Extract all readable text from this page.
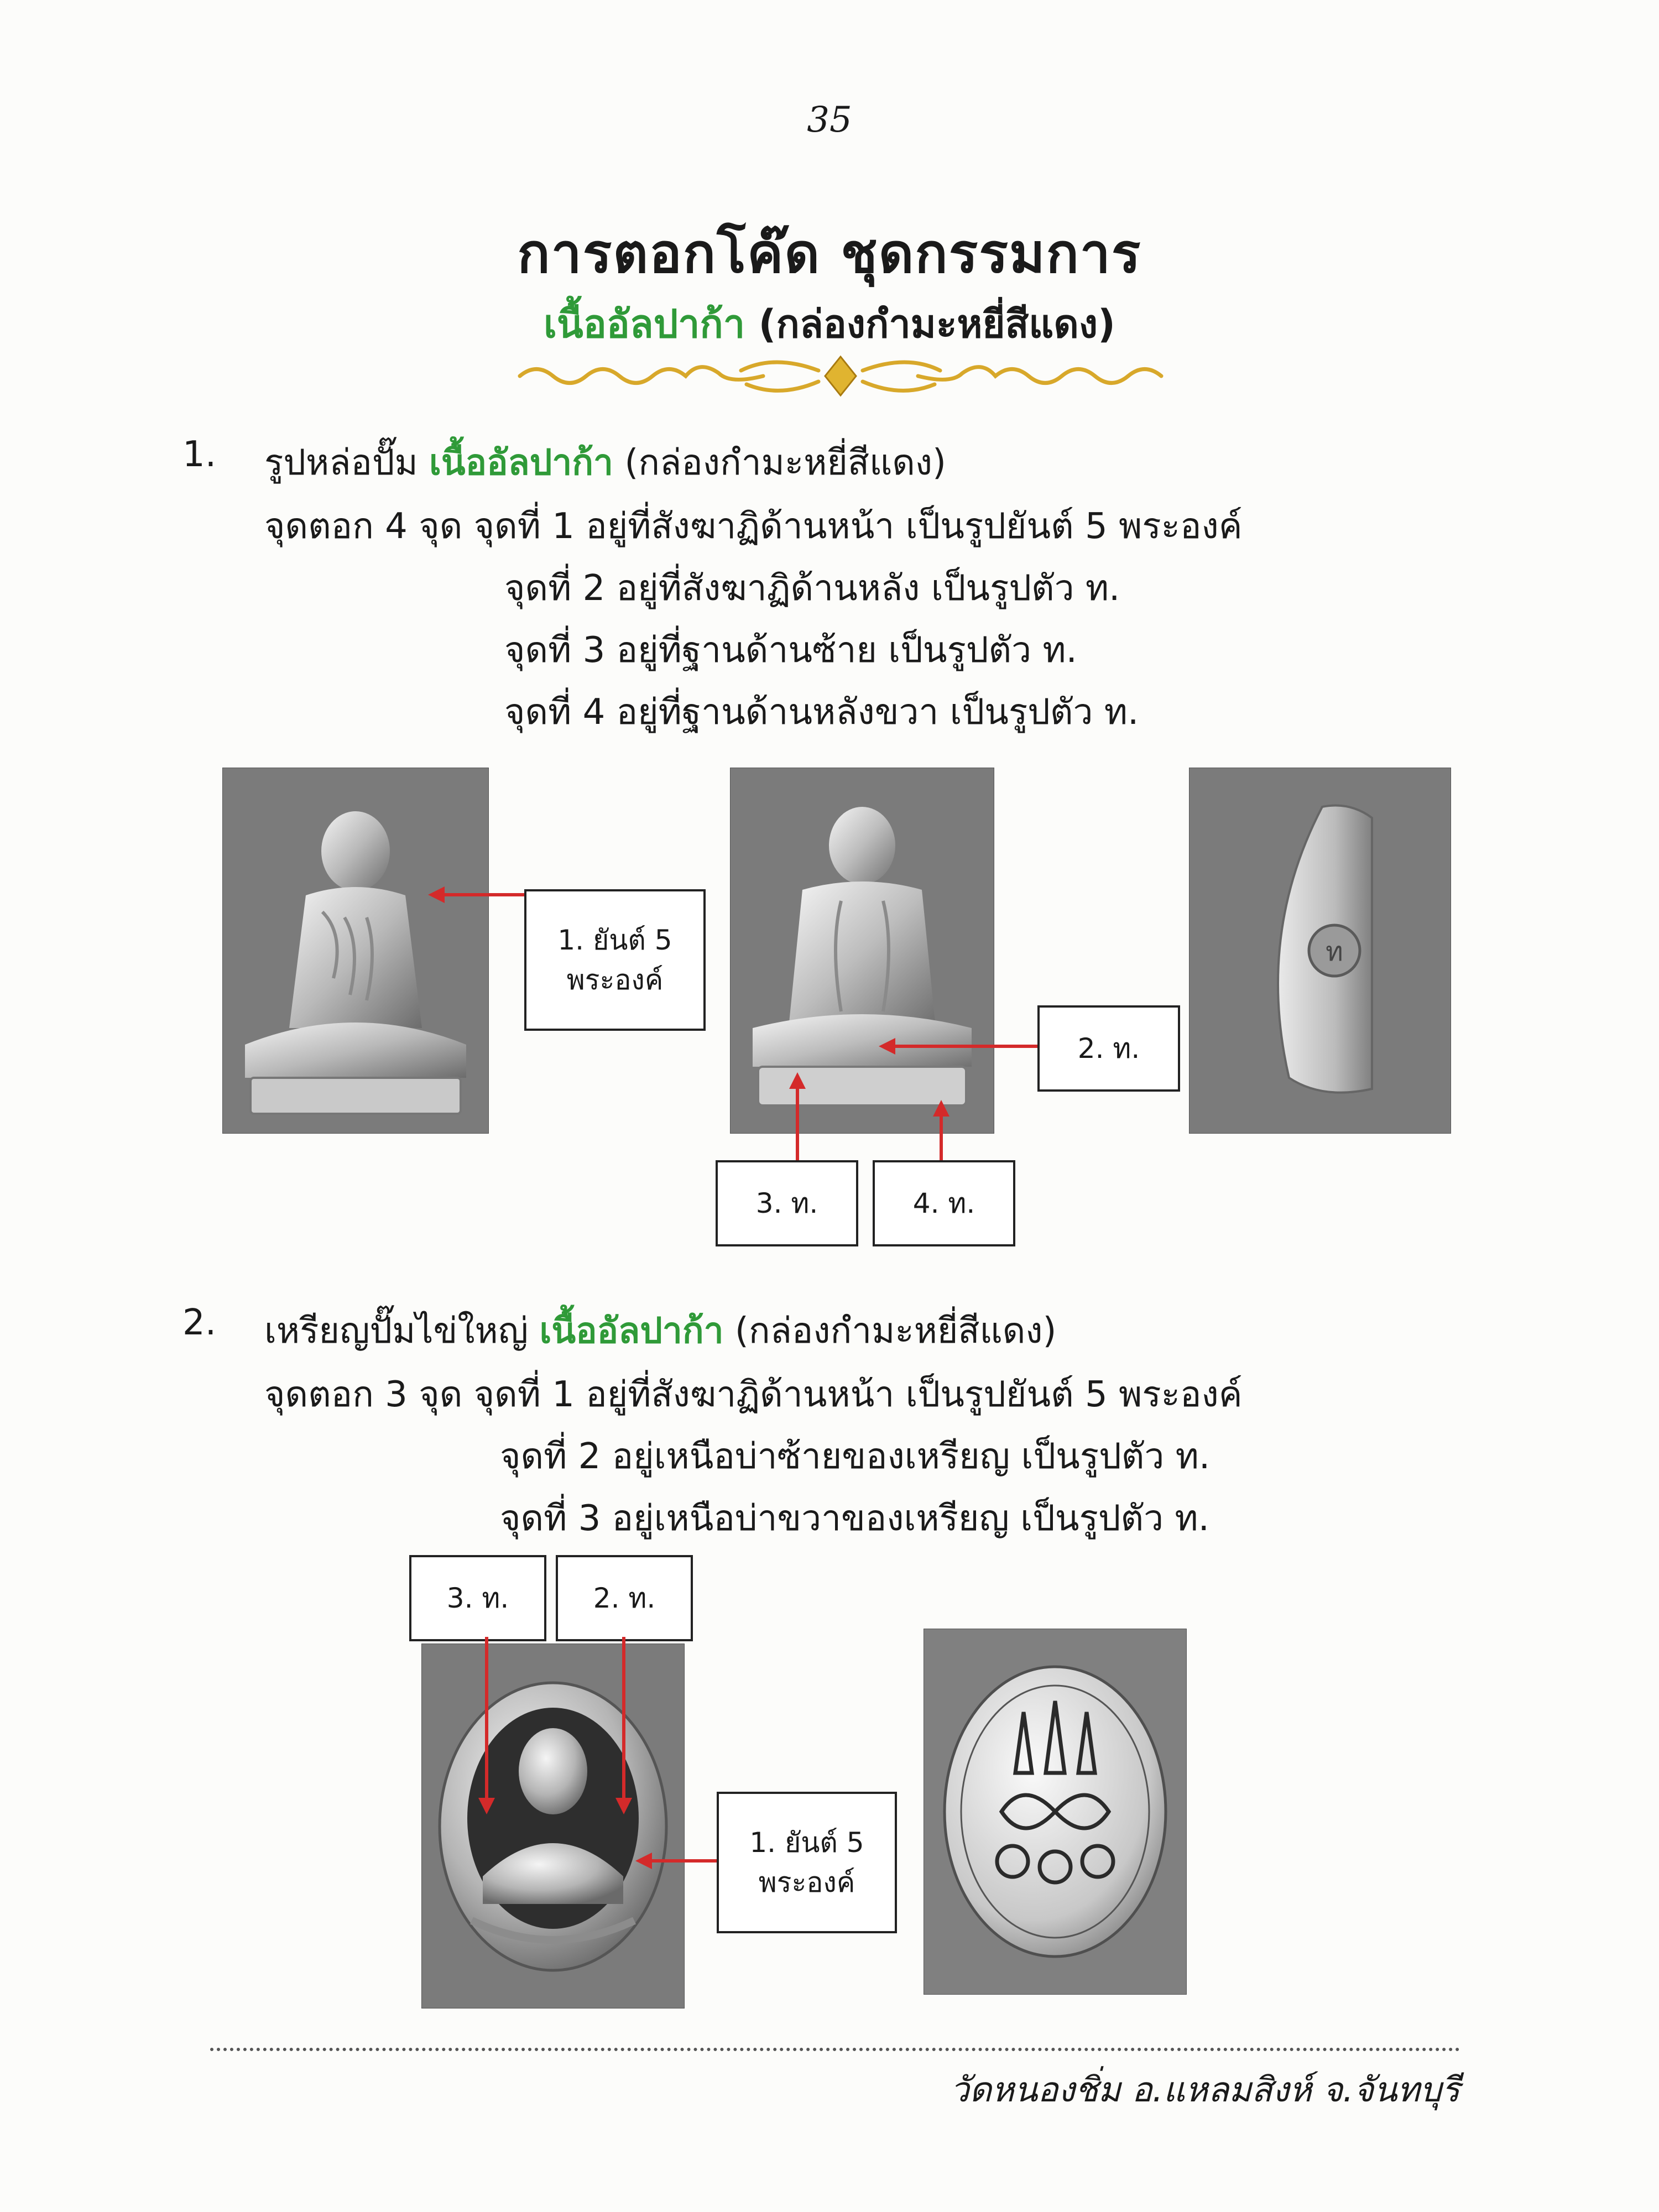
35
การตอกโค๊ด ชุดกรรมการ
เนื้ออัลปาก้า (กล่องกำมะหยี่สีแดง)
1. รูปหล่อปั๊ม เนื้ออัลปาก้า (กล่องกำมะหยี่สีแดง)
จุดตอก 4 จุด จุดที่ 1 อยู่ที่สังฆาฏิด้านหน้า เป็นรูปยันต์ 5 พระองค์
จุดที่ 2 อยู่ที่สังฆาฏิด้านหลัง เป็นรูปตัว ท.
จุดที่ 3 อยู่ที่ฐานด้านซ้าย เป็นรูปตัว ท.
จุดที่ 4 อยู่ที่ฐานด้านหลังขวา เป็นรูปตัว ท.
ท
1. ยันต์ 5
พระองค์
2. ท.
3. ท.	4. ท.
2. เหรียญปั๊มไข่ใหญ่ เนื้ออัลปาก้า (กล่องกำมะหยี่สีแดง)
จุดตอก 3 จุด จุดที่ 1 อยู่ที่สังฆาฏิด้านหน้า เป็นรูปยันต์ 5 พระองค์
จุดที่ 2 อยู่เหนือบ่าซ้ายของเหรียญ เป็นรูปตัว ท.
จุดที่ 3 อยู่เหนือบ่าขวาของเหรียญ เป็นรูปตัว ท.
3. ท.	2. ท.
1. ยันต์ 5
พระองค์
วัดหนองชิ่ม อ.แหลมสิงห์ จ.จันทบุรี
